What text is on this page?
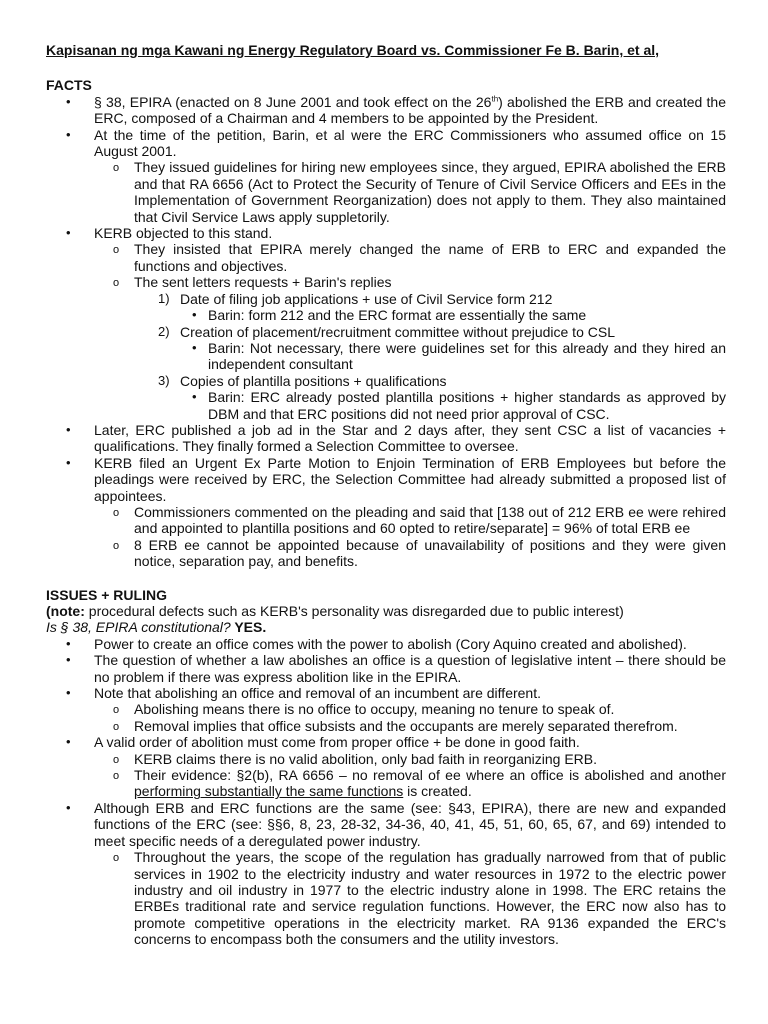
Kapisanan ng mga Kawani ng Energy Regulatory Board vs. Commissioner Fe B. Barin, et al,

FACTS

• § 38, EPIRA (enacted on 8 June 2001 and took effect on the 26th) abolished the ERB and created the ERC, composed of a Chairman and 4 members to be appointed by the President.
• At the time of the petition, Barin, et al were the ERC Commissioners who assumed office on 15 August 2001.
o They issued guidelines for hiring new employees since, they argued, EPIRA abolished the ERB and that RA 6656 (Act to Protect the Security of Tenure of Civil Service Officers and EEs in the Implementation of Government Reorganization) does not apply to them. They also maintained that Civil Service Laws apply suppletorily.
• KERB objected to this stand.
o They insisted that EPIRA merely changed the name of ERB to ERC and expanded the functions and objectives.
o The sent letters requests + Barin's replies
1) Date of filing job applications + use of Civil Service form 212
• Barin: form 212 and the ERC format are essentially the same
2) Creation of placement/recruitment committee without prejudice to CSL
• Barin: Not necessary, there were guidelines set for this already and they hired an independent consultant
3) Copies of plantilla positions + qualifications
• Barin: ERC already posted plantilla positions + higher standards as approved by DBM and that ERC positions did not need prior approval of CSC.
• Later, ERC published a job ad in the Star and 2 days after, they sent CSC a list of vacancies + qualifications. They finally formed a Selection Committee to oversee.
• KERB filed an Urgent Ex Parte Motion to Enjoin Termination of ERB Employees but before the pleadings were received by ERC, the Selection Committee had already submitted a proposed list of appointees.
o Commissioners commented on the pleading and said that [138 out of 212 ERB ee were rehired and appointed to plantilla positions and 60 opted to retire/separate] = 96% of total ERB ee
o 8 ERB ee cannot be appointed because of unavailability of positions and they were given notice, separation pay, and benefits.

ISSUES + RULING

(note: procedural defects such as KERB's personality was disregarded due to public interest)

Is § 38, EPIRA constitutional? YES.

• Power to create an office comes with the power to abolish (Cory Aquino created and abolished).
• The question of whether a law abolishes an office is a question of legislative intent – there should be no problem if there was express abolition like in the EPIRA.
• Note that abolishing an office and removal of an incumbent are different.
o Abolishing means there is no office to occupy, meaning no tenure to speak of.
o Removal implies that office subsists and the occupants are merely separated therefrom.
• A valid order of abolition must come from proper office + be done in good faith.
o KERB claims there is no valid abolition, only bad faith in reorganizing ERB.
o Their evidence: §2(b), RA 6656 – no removal of ee where an office is abolished and another performing substantially the same functions is created.
• Although ERB and ERC functions are the same (see: §43, EPIRA), there are new and expanded functions of the ERC (see: §§6, 8, 23, 28-32, 34-36, 40, 41, 45, 51, 60, 65, 67, and 69) intended to meet specific needs of a deregulated power industry.
o Throughout the years, the scope of the regulation has gradually narrowed from that of public services in 1902 to the electricity industry and water resources in 1972 to the electric power industry and oil industry in 1977 to the electric industry alone in 1998. The ERC retains the ERBEs traditional rate and service regulation functions. However, the ERC now also has to promote competitive operations in the electricity market. RA 9136 expanded the ERC's concerns to encompass both the consumers and the utility investors.
